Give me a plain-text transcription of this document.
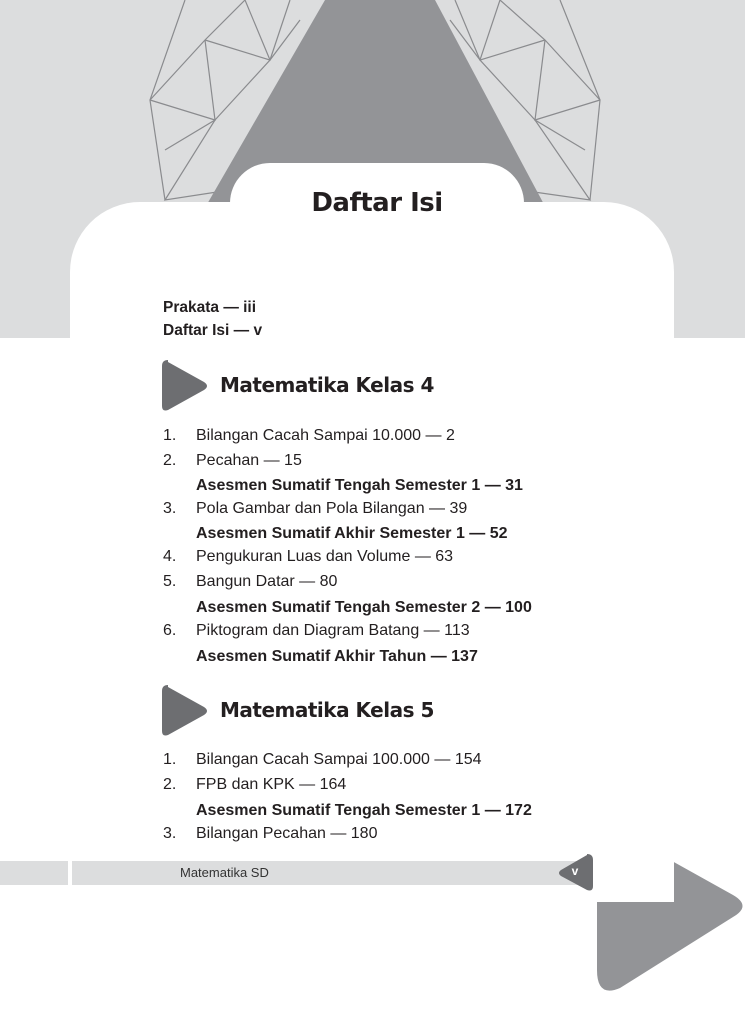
Daftar Isi
Prakata — iii
Daftar Isi — v
Matematika Kelas 4
1. Bilangan Cacah Sampai 10.000 — 2
2. Pecahan — 15
Asesmen Sumatif Tengah Semester 1 — 31
3. Pola Gambar dan Pola Bilangan — 39
Asesmen Sumatif Akhir Semester 1 — 52
4. Pengukuran Luas dan Volume — 63
5. Bangun Datar — 80
Asesmen Sumatif Tengah Semester 2 — 100
6. Piktogram dan Diagram Batang — 113
Asesmen Sumatif Akhir Tahun — 137
Matematika Kelas 5
1. Bilangan Cacah Sampai 100.000 — 154
2. FPB dan KPK — 164
Asesmen Sumatif Tengah Semester 1 — 172
3. Bilangan Pecahan — 180
Matematika SD	v
